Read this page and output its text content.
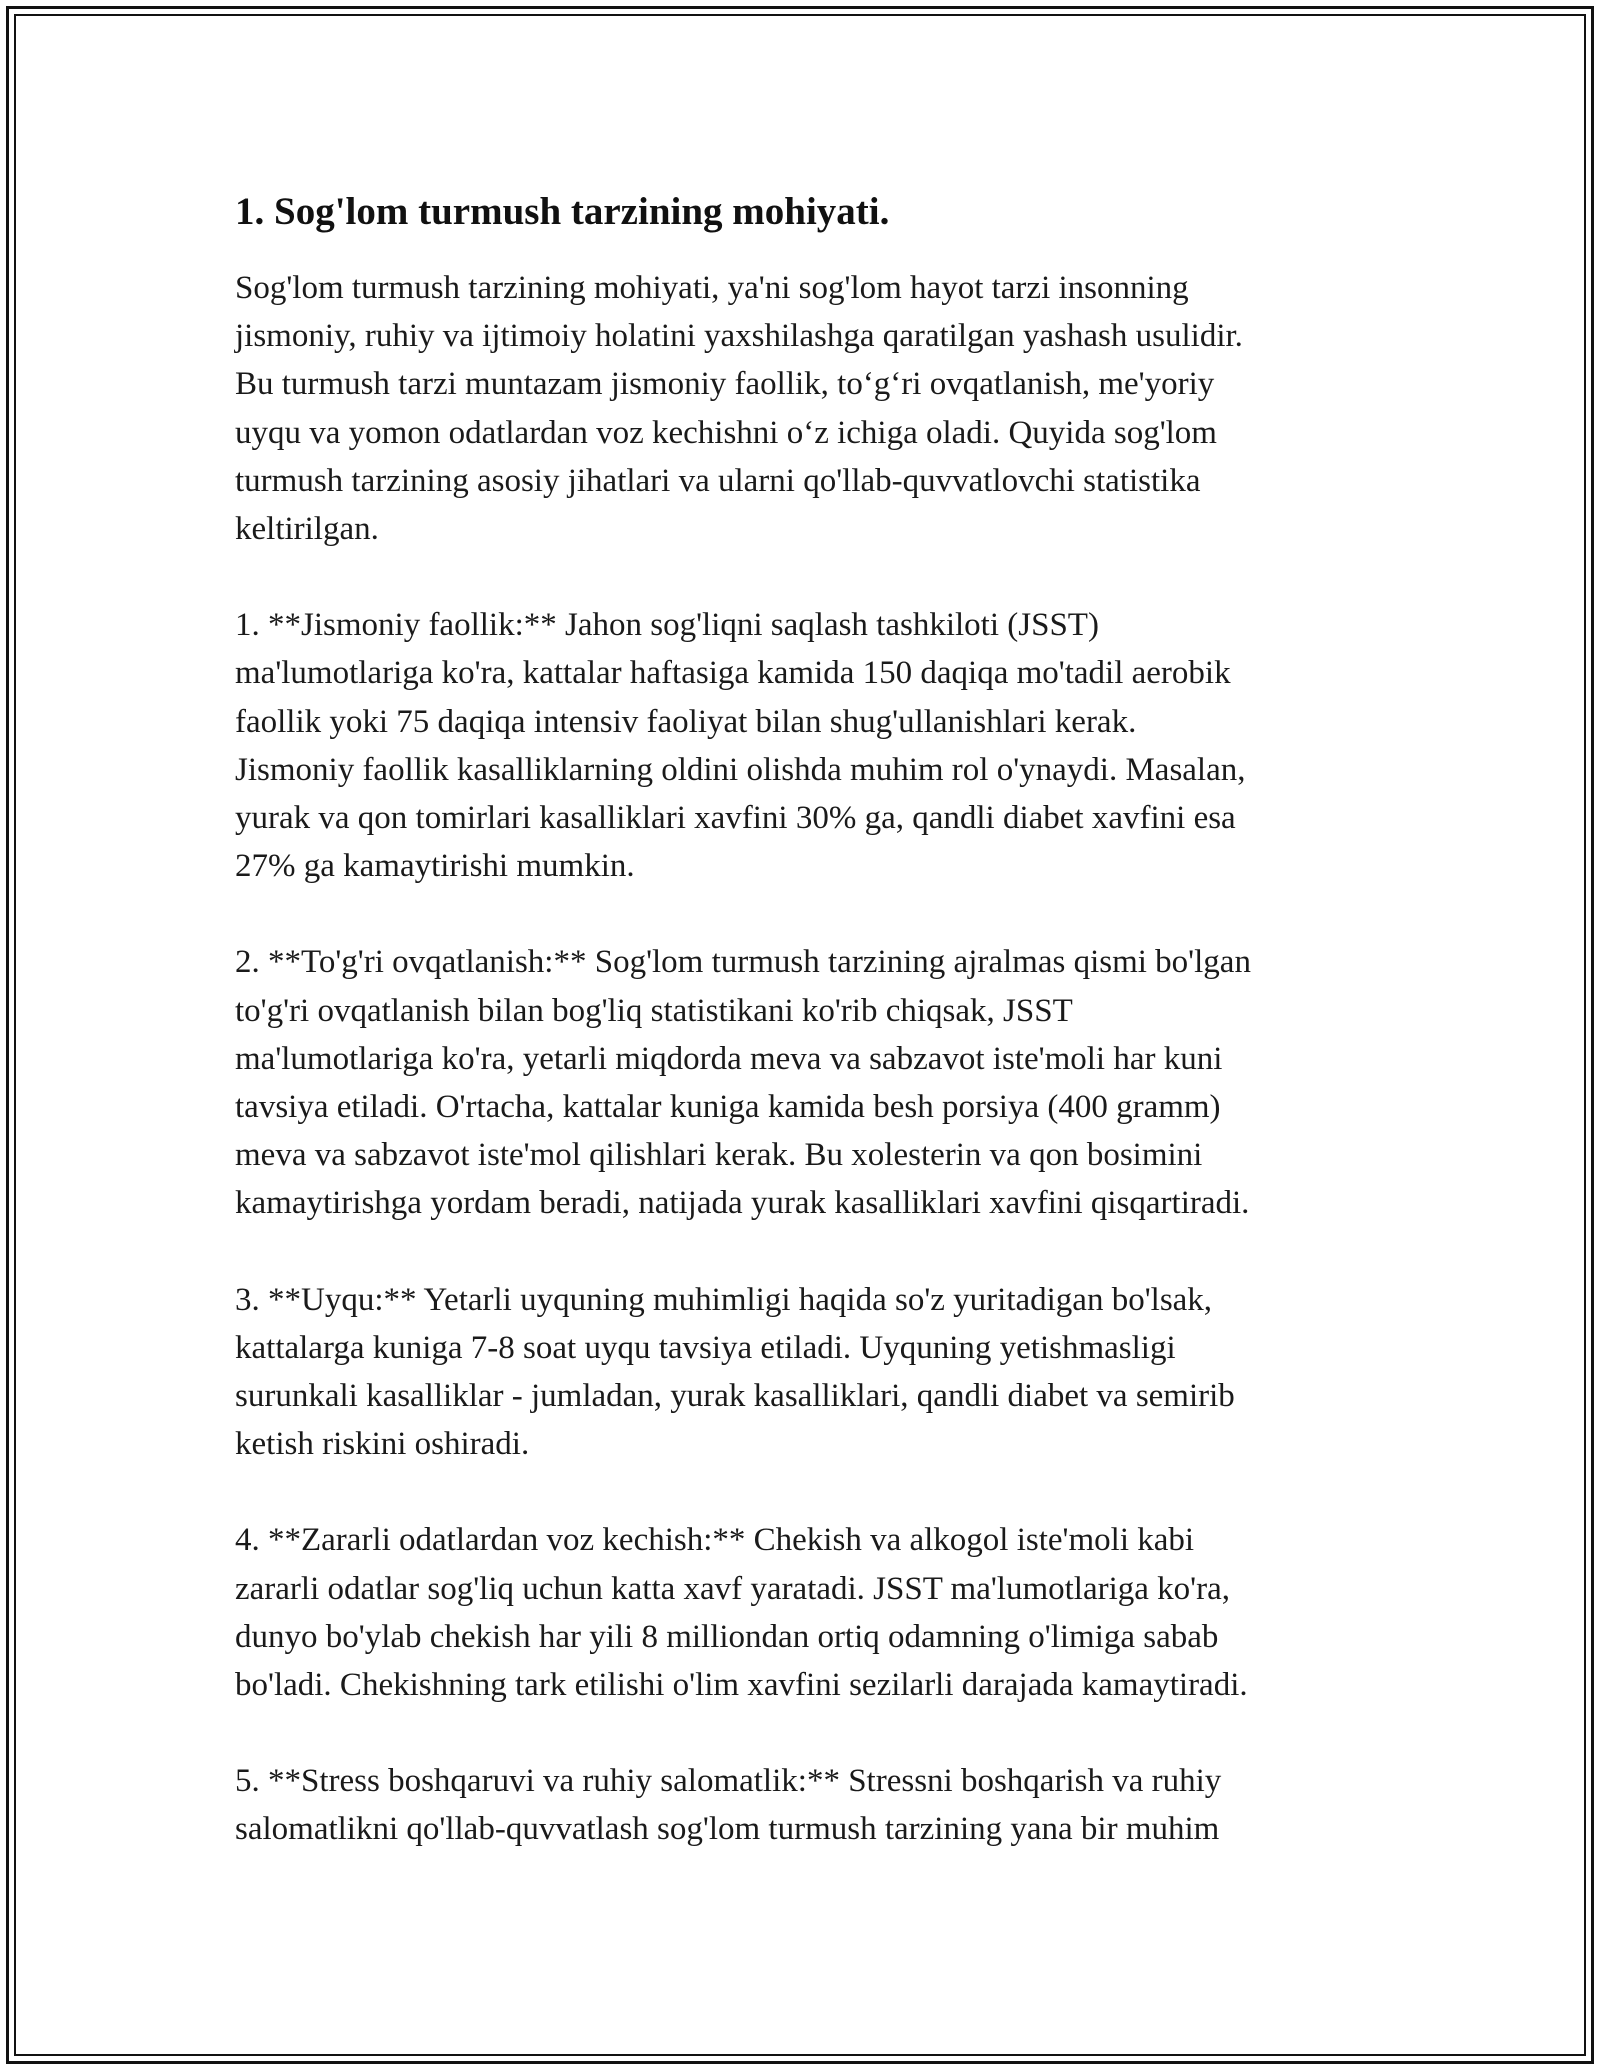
1. Sog'lom turmush tarzining mohiyati.

Sog'lom turmush tarzining mohiyati, ya'ni sog'lom hayot tarzi insonning
jismoniy, ruhiy va ijtimoiy holatini yaxshilashga qaratilgan yashash usulidir.
Bu turmush tarzi muntazam jismoniy faollik, to‘g‘ri ovqatlanish, me'yoriy
uyqu va yomon odatlardan voz kechishni o‘z ichiga oladi. Quyida sog'lom
turmush tarzining asosiy jihatlari va ularni qo'llab-quvvatlovchi statistika
keltirilgan.

1. **Jismoniy faollik:** Jahon sog'liqni saqlash tashkiloti (JSST)
ma'lumotlariga ko'ra, kattalar haftasiga kamida 150 daqiqa mo'tadil aerobik
faollik yoki 75 daqiqa intensiv faoliyat bilan shug'ullanishlari kerak.
Jismoniy faollik kasalliklarning oldini olishda muhim rol o'ynaydi. Masalan,
yurak va qon tomirlari kasalliklari xavfini 30% ga, qandli diabet xavfini esa
27% ga kamaytirishi mumkin.

2. **To'g'ri ovqatlanish:** Sog'lom turmush tarzining ajralmas qismi bo'lgan
to'g'ri ovqatlanish bilan bog'liq statistikani ko'rib chiqsak, JSST
ma'lumotlariga ko'ra, yetarli miqdorda meva va sabzavot iste'moli har kuni
tavsiya etiladi. O'rtacha, kattalar kuniga kamida besh porsiya (400 gramm)
meva va sabzavot iste'mol qilishlari kerak. Bu xolesterin va qon bosimini
kamaytirishga yordam beradi, natijada yurak kasalliklari xavfini qisqartiradi.

3. **Uyqu:** Yetarli uyquning muhimligi haqida so'z yuritadigan bo'lsak,
kattalarga kuniga 7-8 soat uyqu tavsiya etiladi. Uyquning yetishmasligi
surunkali kasalliklar - jumladan, yurak kasalliklari, qandli diabet va semirib
ketish riskini oshiradi.

4. **Zararli odatlardan voz kechish:** Chekish va alkogol iste'moli kabi
zararli odatlar sog'liq uchun katta xavf yaratadi. JSST ma'lumotlariga ko'ra,
dunyo bo'ylab chekish har yili 8 milliondan ortiq odamning o'limiga sabab
bo'ladi. Chekishning tark etilishi o'lim xavfini sezilarli darajada kamaytiradi.

5. **Stress boshqaruvi va ruhiy salomatlik:** Stressni boshqarish va ruhiy
salomatlikni qo'llab-quvvatlash sog'lom turmush tarzining yana bir muhim
